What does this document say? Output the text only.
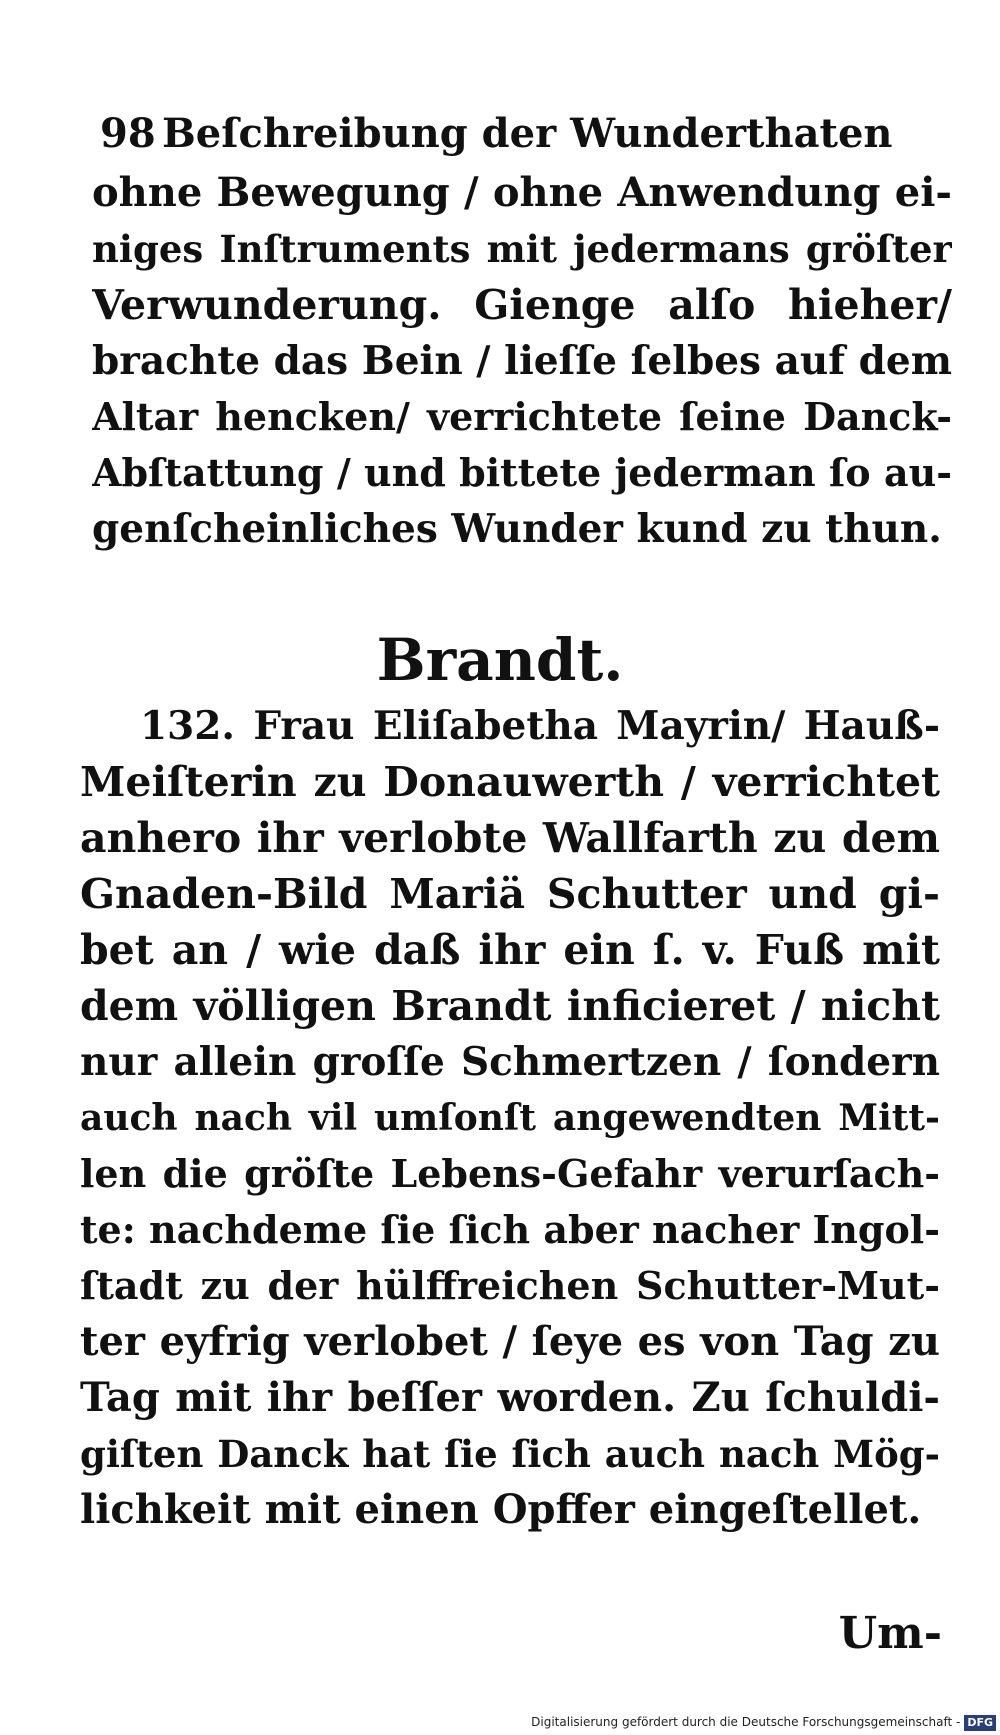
98 Beſchreibung der Wunderthaten
ohne Bewegung / ohne Anwendung ei-
niges Inſtruments mit jedermans gröſter
Verwunderung. Gienge alſo hieher/
brachte das Bein / lieſſe ſelbes auf dem
Altar hencken/ verrichtete ſeine Danck-
Abſtattung / und bittete jederman ſo au-
genſcheinliches Wunder kund zu thun.
Brandt.
132. Frau Eliſabetha Mayrin/ Hauß-
Meiſterin zu Donauwerth / verrichtet
anhero ihr verlobte Wallfarth zu dem
Gnaden-Bild Mariä Schutter und gi-
bet an / wie daß ihr ein ſ. v. Fuß mit
dem völligen Brandt inficieret / nicht
nur allein groſſe Schmertzen / ſondern
auch nach vil umſonſt angewendten Mitt-
len die gröſte Lebens-Gefahr verurſach-
te: nachdeme ſie ſich aber nacher Ingol-
ſtadt zu der hülffreichen Schutter-Mut-
ter eyfrig verlobet / ſeye es von Tag zu
Tag mit ihr beſſer worden. Zu ſchuldi-
giſten Danck hat ſie ſich auch nach Mög-
lichkeit mit einen Opffer eingeſtellet.
Um-
Digitalisierung gefördert durch die Deutsche Forschungsgemeinschaft - DFG
